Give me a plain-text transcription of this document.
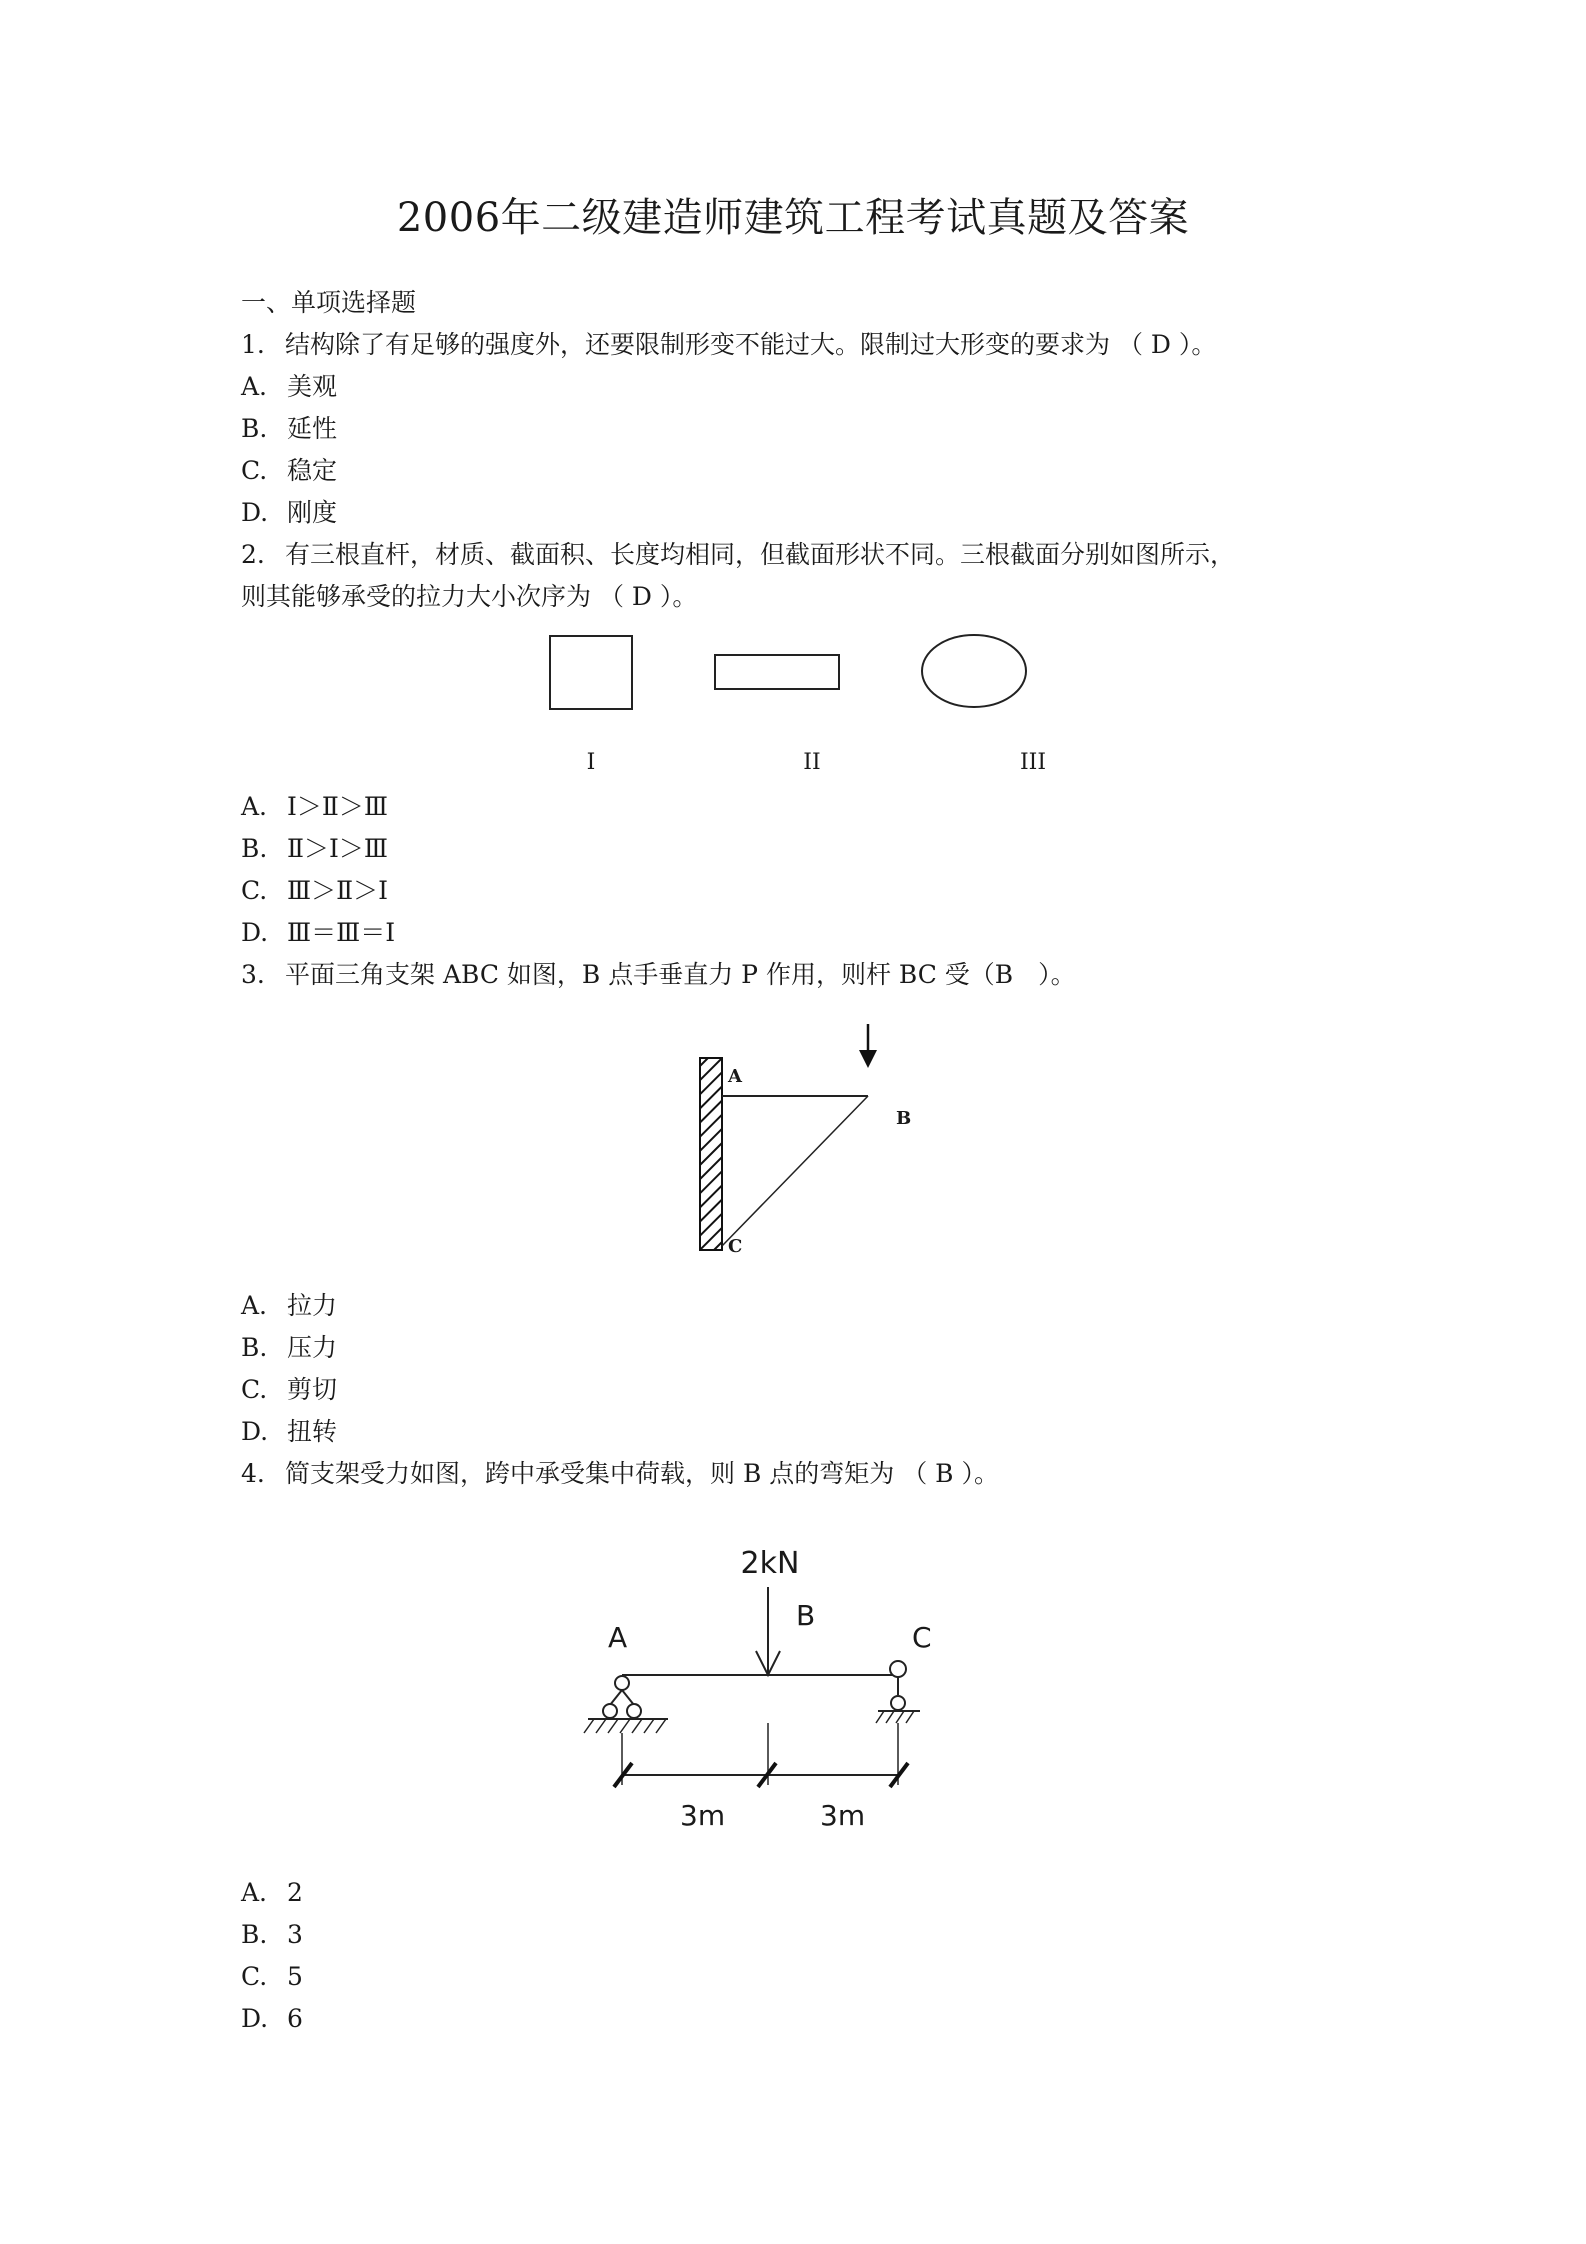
2006年二级建造师建筑工程考试真题及答案
一、单项选择题
1. 结构除了有足够的强度外，还要限制形变不能过大。限制过大形变的要求为 （ D ）。
A. 美观
B. 延性
C. 稳定
D. 刚度
2. 有三根直杆，材质、截面积、长度均相同，但截面形状不同。三根截面分别如图所示，
则其能够承受的拉力大小次序为 （ D ）。
I	II	III
A. Ⅰ＞Ⅱ＞Ⅲ
B. Ⅱ＞Ⅰ＞Ⅲ
C. Ⅲ＞Ⅱ＞Ⅰ
D. Ⅲ＝Ⅲ＝Ⅰ
3. 平面三角支架 ABC 如图，B 点手垂直力 P 作用，则杆 BC 受（B　）。
A
B
C
A. 拉力
B. 压力
C. 剪切
D. 扭转
4. 简支架受力如图，跨中承受集中荷载，则 B 点的弯矩为 （ B ）。
2kN
B
A	C
3m	3m
A. 2
B. 3
C. 5
D. 6
